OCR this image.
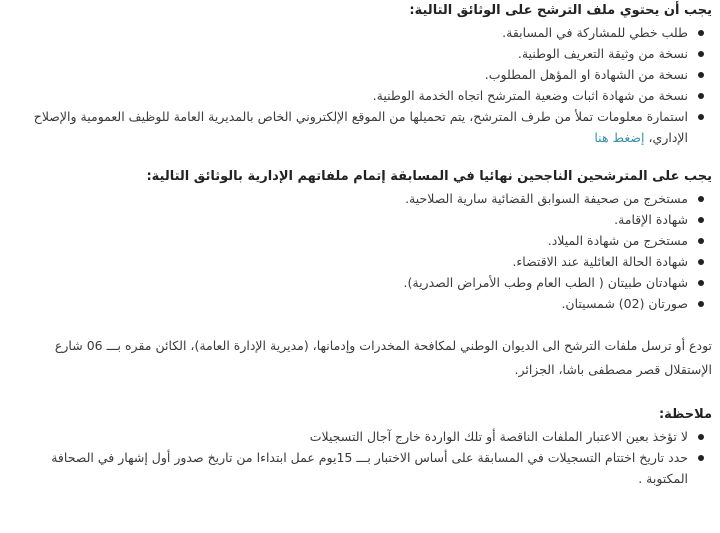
يجب أن يحتوي ملف الترشح على الوثائق التالية:

طلب خطي للمشاركة في المسابقة.
نسخة من وثيقة التعريف الوطنية.
نسخة من الشهادة او المؤهل المطلوب.
نسخة من شهادة اثبات وضعية المترشح اتجاه الخدمة الوطنية.
استمارة معلومات تملأ من طرف المترشح، يتم تحميلها من الموقع الإلكتروني الخاص بالمديرية العامة للوظيف العمومية والإصلاح الإداري، إضغط هنا

يجب على المترشحين الناجحين نهائيا في المسابقة إتمام ملفاتهم الإدارية بالوثائق التالية:

مستخرج من صحيفة السوابق القضائية سارية الصلاحية.
شهادة الإقامة.
مستخرج من شهادة الميلاد.
شهادة الحالة العائلية عند الاقتضاء.
شهادتان طبيتان ( الطب العام وطب الأمراض الصدرية).
صورتان (02) شمسيتان.

تودع أو ترسل ملفات الترشح الى الديوان الوطني لمكافحة المخدرات وإدمانها، (مديرية الإدارة العامة)، الكائن مقره بـــ 06 شارع الإستقلال قصر مصطفى باشا، الجزائر.

ملاحظة:

لا تؤخذ بعين الاعتبار الملفات الناقصة أو تلك الواردة خارج آجال التسجيلات
حدد تاريخ اختتام التسجيلات في المسابقة على أساس الاختبار بـــ 15يوم عمل ابتداءا من تاريخ صدور أول إشهار في الصحافة المكتوبة .
